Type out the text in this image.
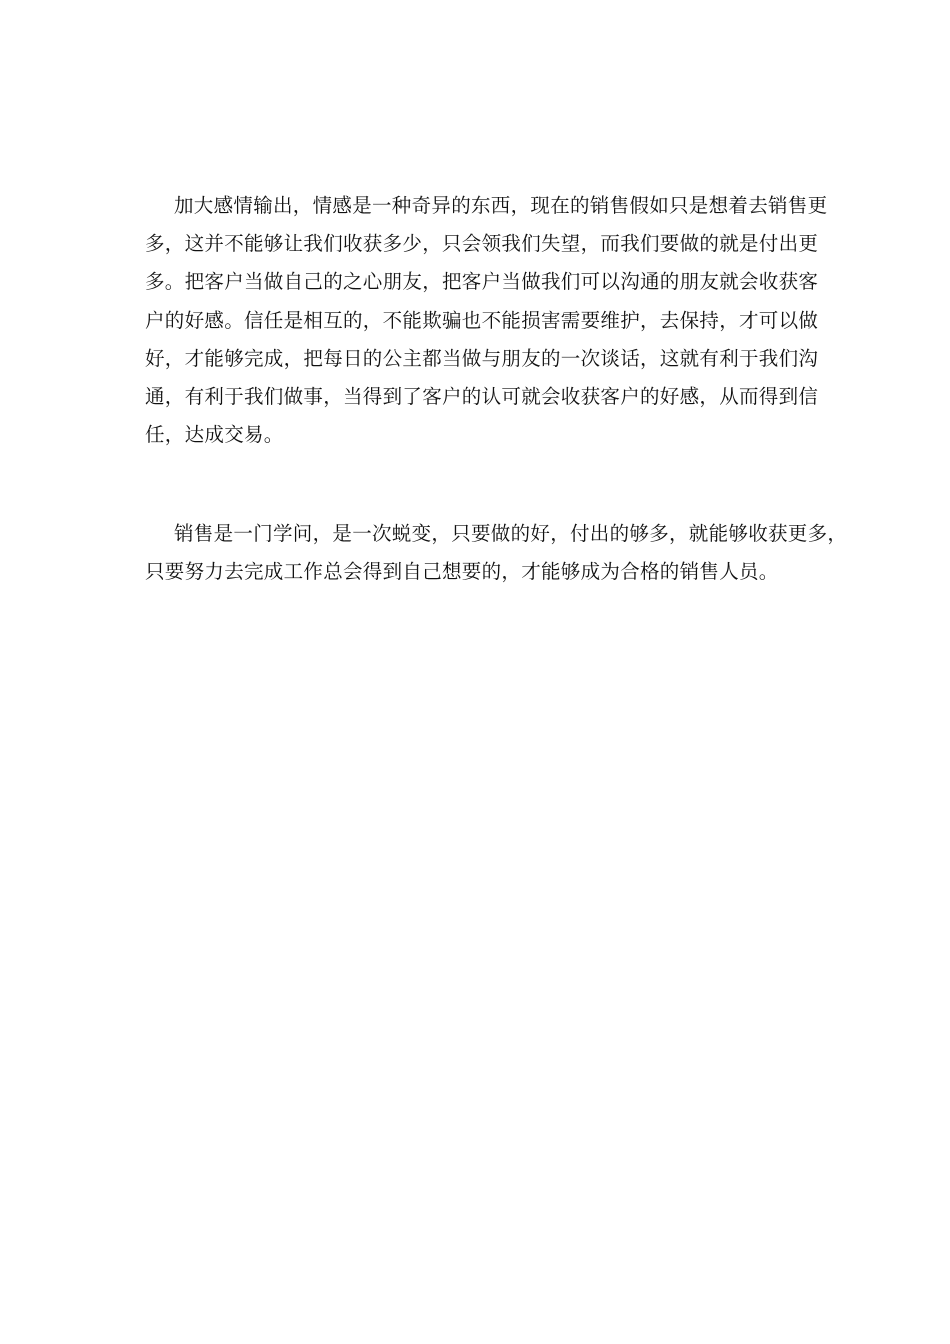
加大感情输出，情感是一种奇异的东西，现在的销售假如只是想着去销售更
多，这并不能够让我们收获多少，只会领我们失望，而我们要做的就是付出更
多。把客户当做自己的之心朋友，把客户当做我们可以沟通的朋友就会收获客
户的好感。信任是相互的，不能欺骗也不能损害需要维护，去保持，才可以做
好，才能够完成，把每日的公主都当做与朋友的一次谈话，这就有利于我们沟
通，有利于我们做事，当得到了客户的认可就会收获客户的好感，从而得到信
任，达成交易。

销售是一门学问，是一次蜕变，只要做的好，付出的够多，就能够收获更多，
只要努力去完成工作总会得到自己想要的，才能够成为合格的销售人员。
